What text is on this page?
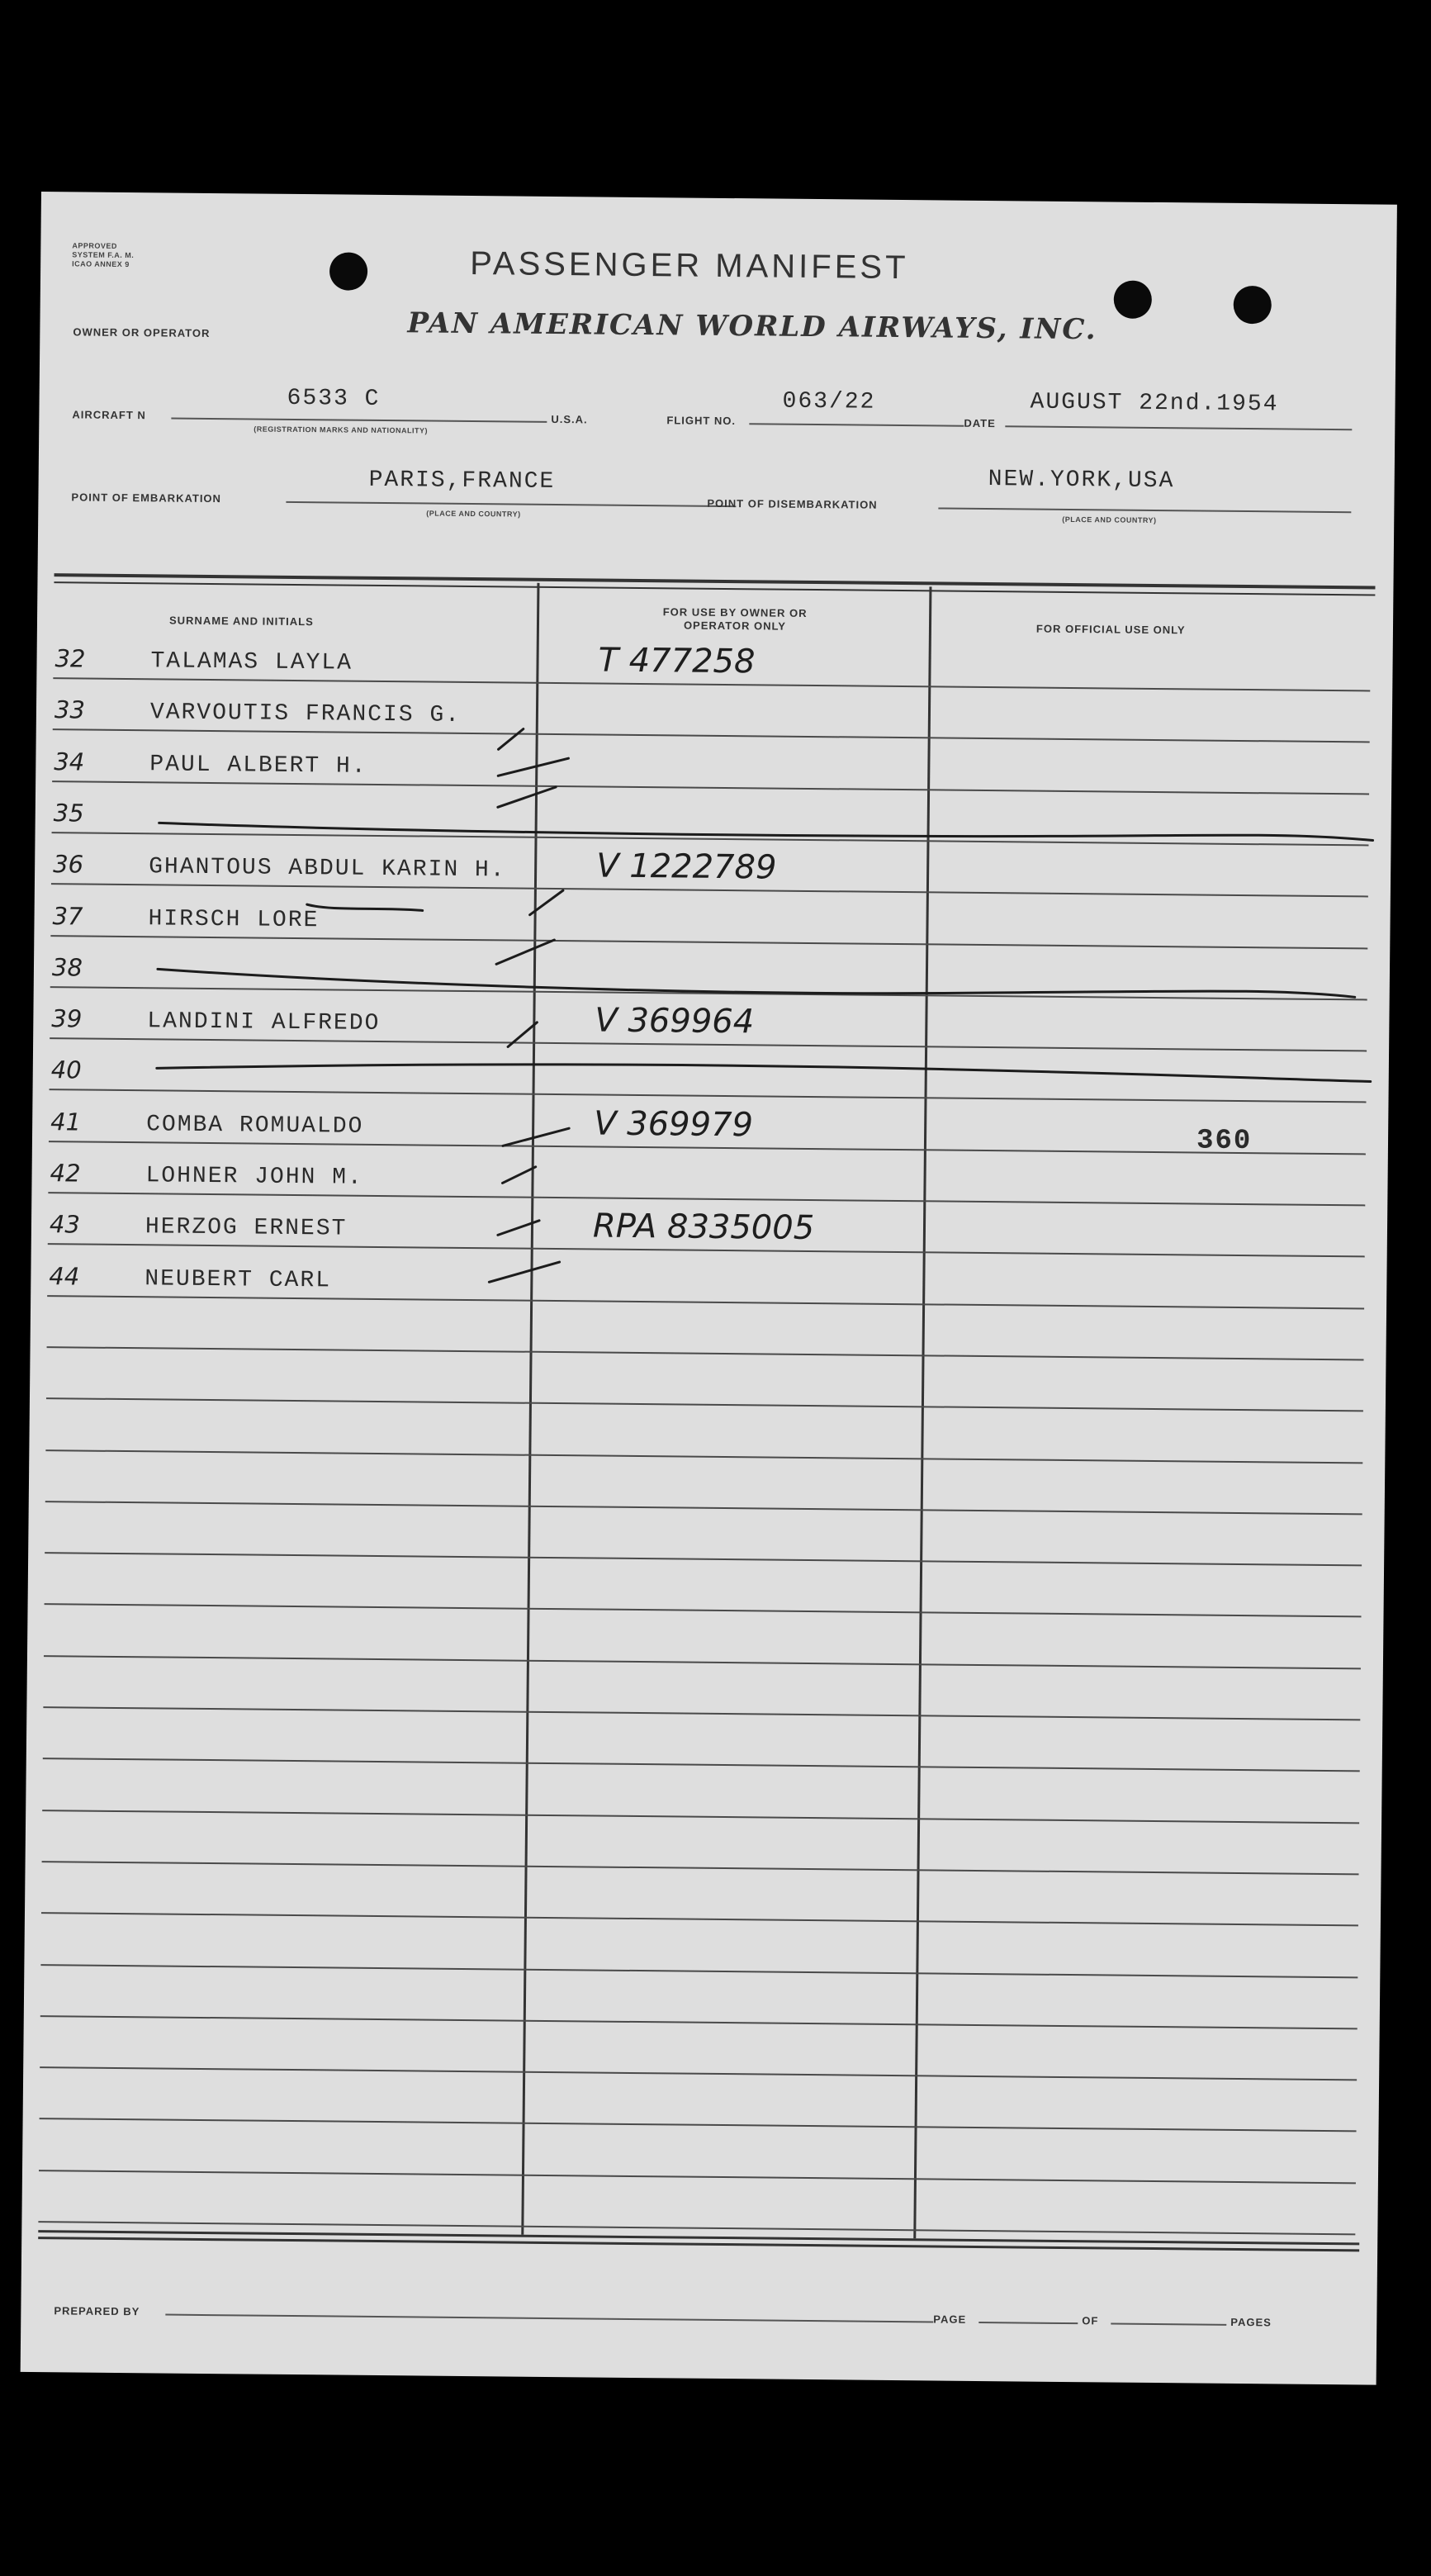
APPROVED
SYSTEM F.A. M.
ICAO ANNEX 9	PASSENGER MANIFEST
OWNER OR OPERATOR	PAN AMERICAN WORLD AIRWAYS, INC.
AIRCRAFT N
6533 C
(REGISTRATION MARKS AND NATIONALITY)
U.S.A.	FLIGHT NO.
063/22
DATE
AUGUST 22nd.1954
POINT OF EMBARKATION
PARIS,FRANCE
(PLACE AND COUNTRY)
POINT OF DISEMBARKATION
NEW.YORK,USA
(PLACE AND COUNTRY)
SURNAME AND INITIALS
FOR USE BY OWNER OR OPERATOR ONLY	FOR OFFICIAL USE ONLY
32	TALAMAS LAYLA	T 477258
33	VARVOUTIS FRANCIS G.
34	PAUL ALBERT H.
35
36	GHANTOUS ABDUL KARIN H.	V 1222789
37	HIRSCH LORE
38
39	LANDINI ALFREDO	V 369964
40
41	COMBA ROMUALDO	V 369979	360
42	LOHNER JOHN M.
43	HERZOG ERNEST	RPA 8335005
44	NEUBERT CARL
PREPARED BY
PAGE	OF	PAGES
